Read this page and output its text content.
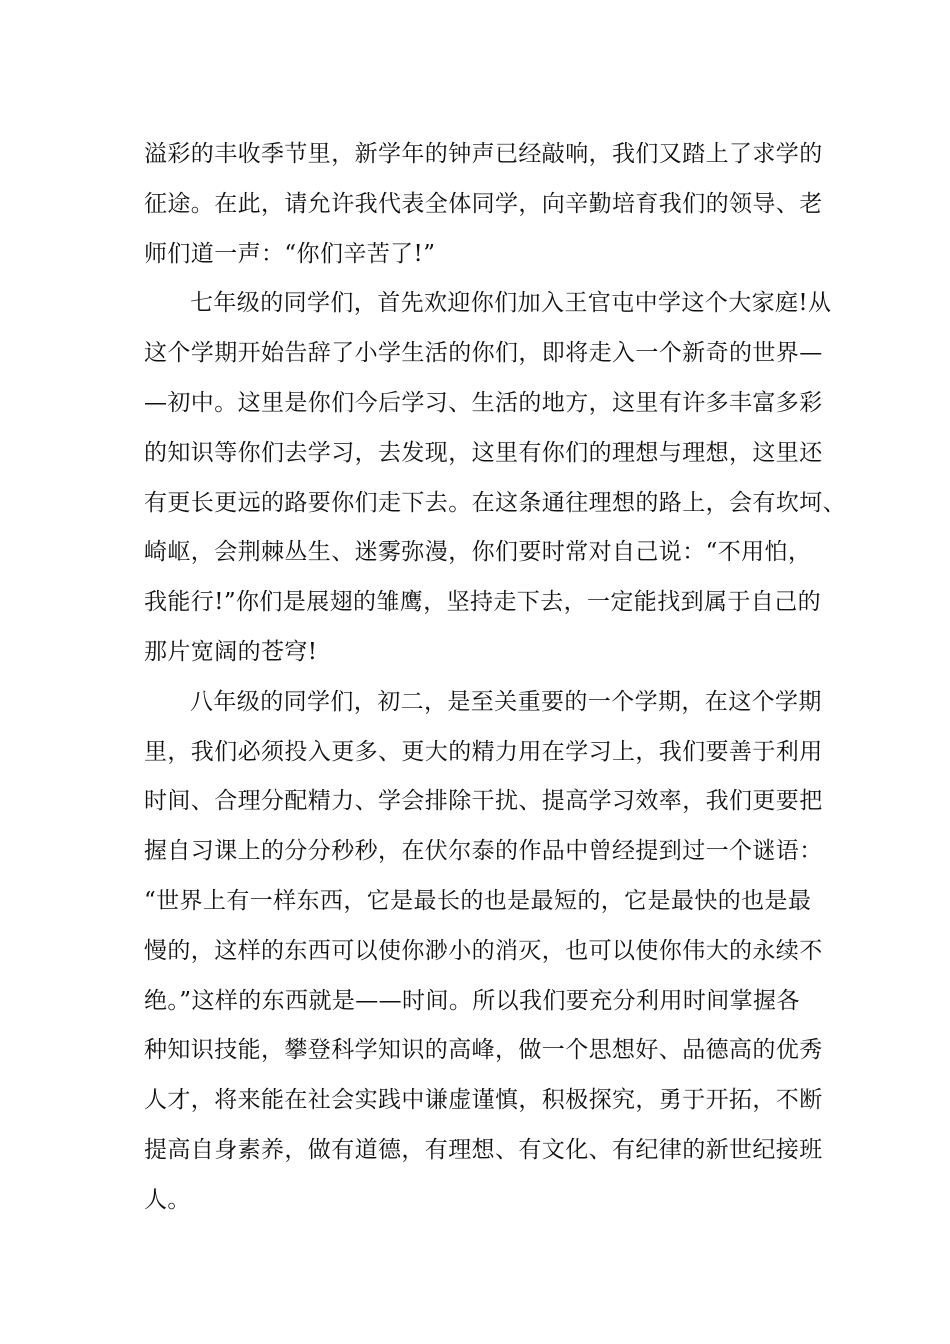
溢彩的丰收季节里，新学年的钟声已经敲响，我们又踏上了求学的
征途。在此，请允许我代表全体同学，向辛勤培育我们的领导、老
师们道一声：“你们辛苦了!”
七年级的同学们，首先欢迎你们加入王官屯中学这个大家庭!从
这个学期开始告辞了小学生活的你们，即将走入一个新奇的世界—
—初中。这里是你们今后学习、生活的地方，这里有许多丰富多彩
的知识等你们去学习，去发现，这里有你们的理想与理想，这里还
有更长更远的路要你们走下去。在这条通往理想的路上，会有坎坷、
崎岖，会荆棘丛生、迷雾弥漫，你们要时常对自己说：“不用怕，
我能行!”你们是展翅的雏鹰，坚持走下去，一定能找到属于自己的
那片宽阔的苍穹!
八年级的同学们，初二，是至关重要的一个学期，在这个学期
里，我们必须投入更多、更大的精力用在学习上，我们要善于利用
时间、合理分配精力、学会排除干扰、提高学习效率，我们更要把
握自习课上的分分秒秒，在伏尔泰的作品中曾经提到过一个谜语：
“世界上有一样东西，它是最长的也是最短的，它是最快的也是最
慢的，这样的东西可以使你渺小的消灭，也可以使你伟大的永续不
绝。”这样的东西就是——时间。所以我们要充分利用时间掌握各
种知识技能，攀登科学知识的高峰，做一个思想好、品德高的优秀
人才，将来能在社会实践中谦虚谨慎，积极探究，勇于开拓，不断
提高自身素养，做有道德，有理想、有文化、有纪律的新世纪接班
人。
